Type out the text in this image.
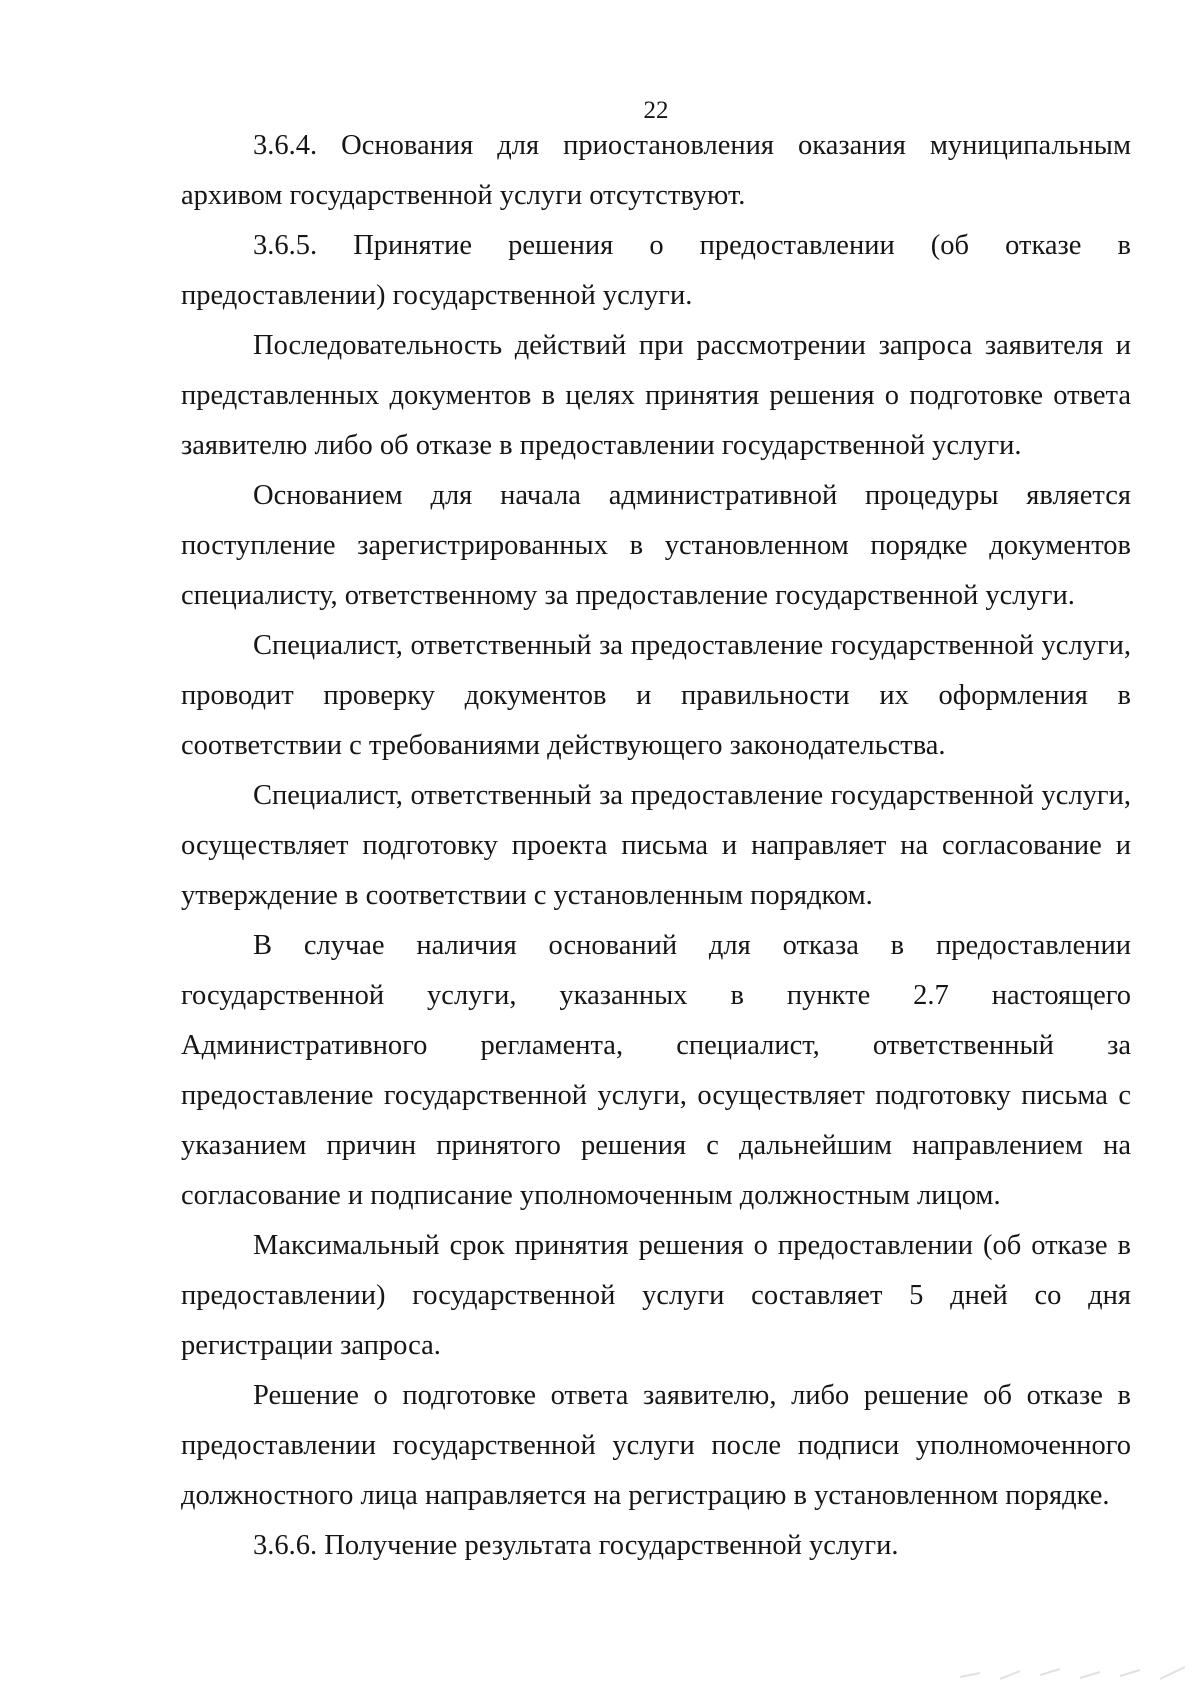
22

3.6.4. Основания для приостановления оказания муниципальным архивом государственной услуги отсутствуют.

3.6.5. Принятие решения о предоставлении (об отказе в предоставлении) государственной услуги.

Последовательность действий при рассмотрении запроса заявителя и представленных документов в целях принятия решения о подготовке ответа заявителю либо об отказе в предоставлении государственной услуги.

Основанием для начала административной процедуры является поступление зарегистрированных в установленном порядке документов специалисту, ответственному за предоставление государственной услуги.

Специалист, ответственный за предоставление государственной услуги, проводит проверку документов и правильности их оформления в соответствии с требованиями действующего законодательства.

Специалист, ответственный за предоставление государственной услуги, осуществляет подготовку проекта письма и направляет на согласование и утверждение в соответствии с установленным порядком.

В случае наличия оснований для отказа в предоставлении государственной услуги, указанных в пункте 2.7 настоящего Административного регламента, специалист, ответственный за предоставление государственной услуги, осуществляет подготовку письма с указанием причин принятого решения с дальнейшим направлением на согласование и подписание уполномоченным должностным лицом.

Максимальный срок принятия решения о предоставлении (об отказе в предоставлении) государственной услуги составляет 5 дней со дня регистрации запроса.

Решение о подготовке ответа заявителю, либо решение об отказе в предоставлении государственной услуги после подписи уполномоченного должностного лица направляется на регистрацию в установленном порядке.

3.6.6. Получение результата государственной услуги.
